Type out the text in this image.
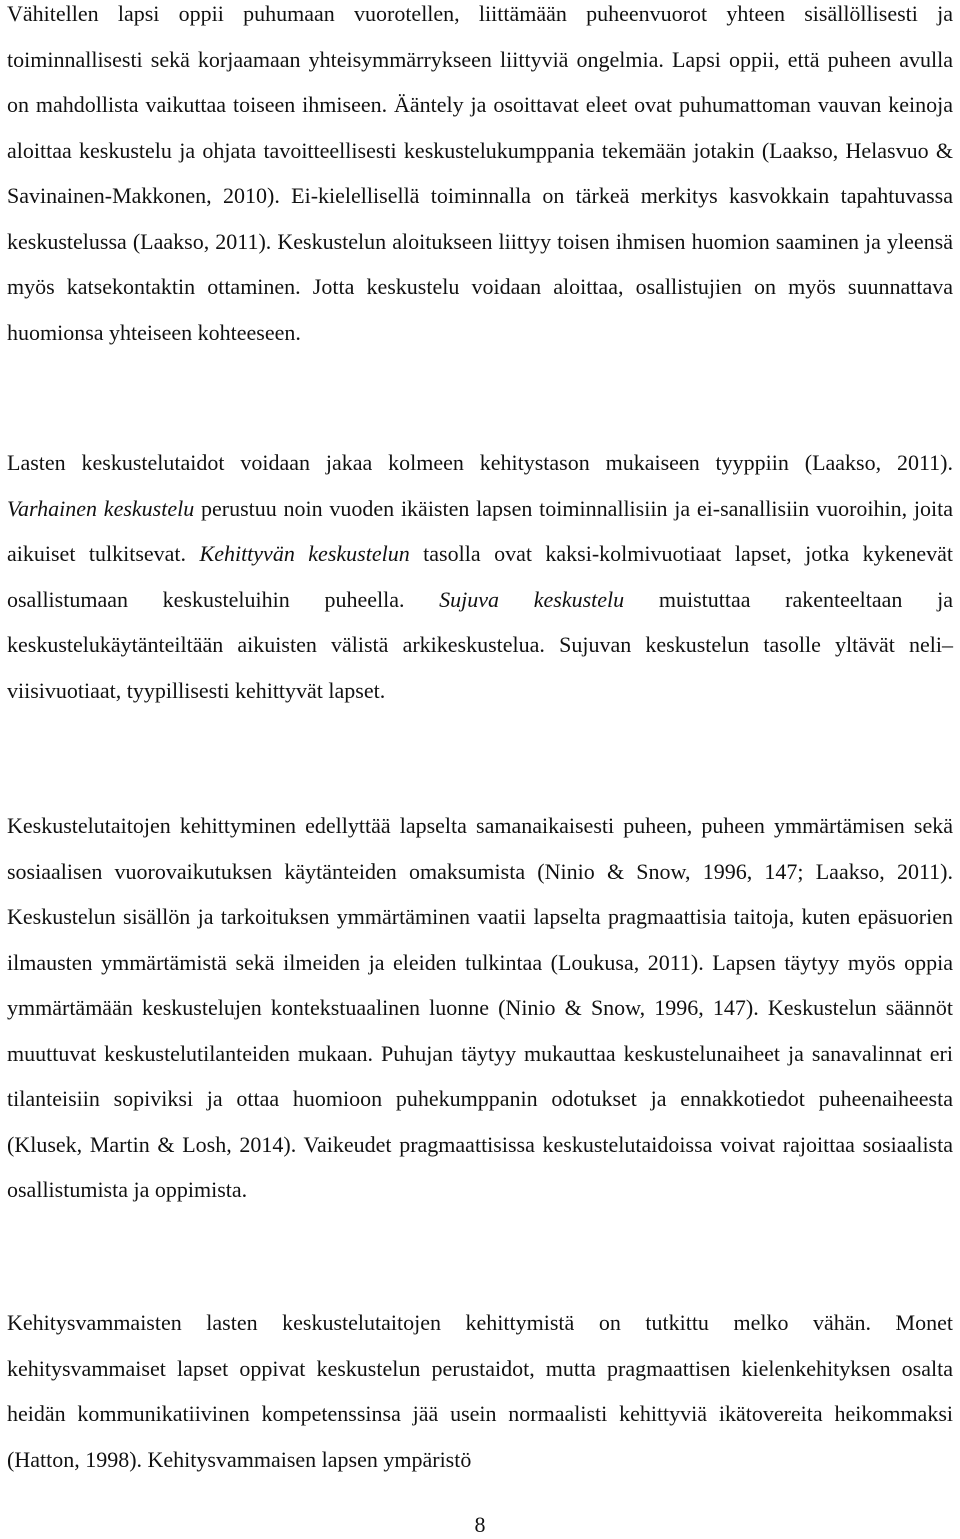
Vähitellen lapsi oppii puhumaan vuorotellen, liittämään puheenvuorot yhteen sisällöllisesti ja toiminnallisesti sekä korjaamaan yhteisymmärrykseen liittyviä ongelmia. Lapsi oppii, että puheen avulla on mahdollista vaikuttaa toiseen ihmiseen. Ääntely ja osoittavat eleet ovat puhumattoman vauvan keinoja aloittaa keskustelu ja ohjata tavoitteellisesti keskustelukumppania tekemään jotakin (Laakso, Helasvuo & Savinainen-Makkonen, 2010). Ei-kielellisellä toiminnalla on tärkeä merkitys kasvokkain tapahtuvassa keskustelussa (Laakso, 2011). Keskustelun aloitukseen liittyy toisen ihmisen huomion saaminen ja yleensä myös katsekontaktin ottaminen. Jotta keskustelu voidaan aloittaa, osallistujien on myös suunnattava huomionsa yhteiseen kohteeseen.

Lasten keskustelutaidot voidaan jakaa kolmeen kehitystason mukaiseen tyyppiin (Laakso, 2011). Varhainen keskustelu perustuu noin vuoden ikäisten lapsen toiminnallisiin ja ei-sanallisiin vuoroihin, joita aikuiset tulkitsevat. Kehittyvän keskustelun tasolla ovat kaksi-kolmivuotiaat lapset, jotka kykenevät osallistumaan keskusteluihin puheella. Sujuva keskustelu muistuttaa rakenteeltaan ja keskustelukäytänteiltään aikuisten välistä arkikeskustelua. Sujuvan keskustelun tasolle yltävät neli–viisivuotiaat, tyypillisesti kehittyvät lapset.

Keskustelutaitojen kehittyminen edellyttää lapselta samanaikaisesti puheen, puheen ymmärtämisen sekä sosiaalisen vuorovaikutuksen käytänteiden omaksumista (Ninio & Snow, 1996, 147; Laakso, 2011). Keskustelun sisällön ja tarkoituksen ymmärtäminen vaatii lapselta pragmaattisia taitoja, kuten epäsuorien ilmausten ymmärtämistä sekä ilmeiden ja eleiden tulkintaa (Loukusa, 2011). Lapsen täytyy myös oppia ymmärtämään keskustelujen kontekstuaalinen luonne (Ninio & Snow, 1996, 147). Keskustelun säännöt muuttuvat keskustelutilanteiden mukaan. Puhujan täytyy mukauttaa keskustelunaiheet ja sanavalinnat eri tilanteisiin sopiviksi ja ottaa huomioon puhekumppanin odotukset ja ennakkotiedot puheenaiheesta (Klusek, Martin & Losh, 2014). Vaikeudet pragmaattisissa keskustelutaidoissa voivat rajoittaa sosiaalista osallistumista ja oppimista.

Kehitysvammaisten lasten keskustelutaitojen kehittymistä on tutkittu melko vähän. Monet kehitysvammaiset lapset oppivat keskustelun perustaidot, mutta pragmaattisen kielenkehityksen osalta heidän kommunikatiivinen kompetenssinsa jää usein normaalisti kehittyviä ikätovereita heikommaksi (Hatton, 1998). Kehitysvammaisen lapsen ympäristö

8
